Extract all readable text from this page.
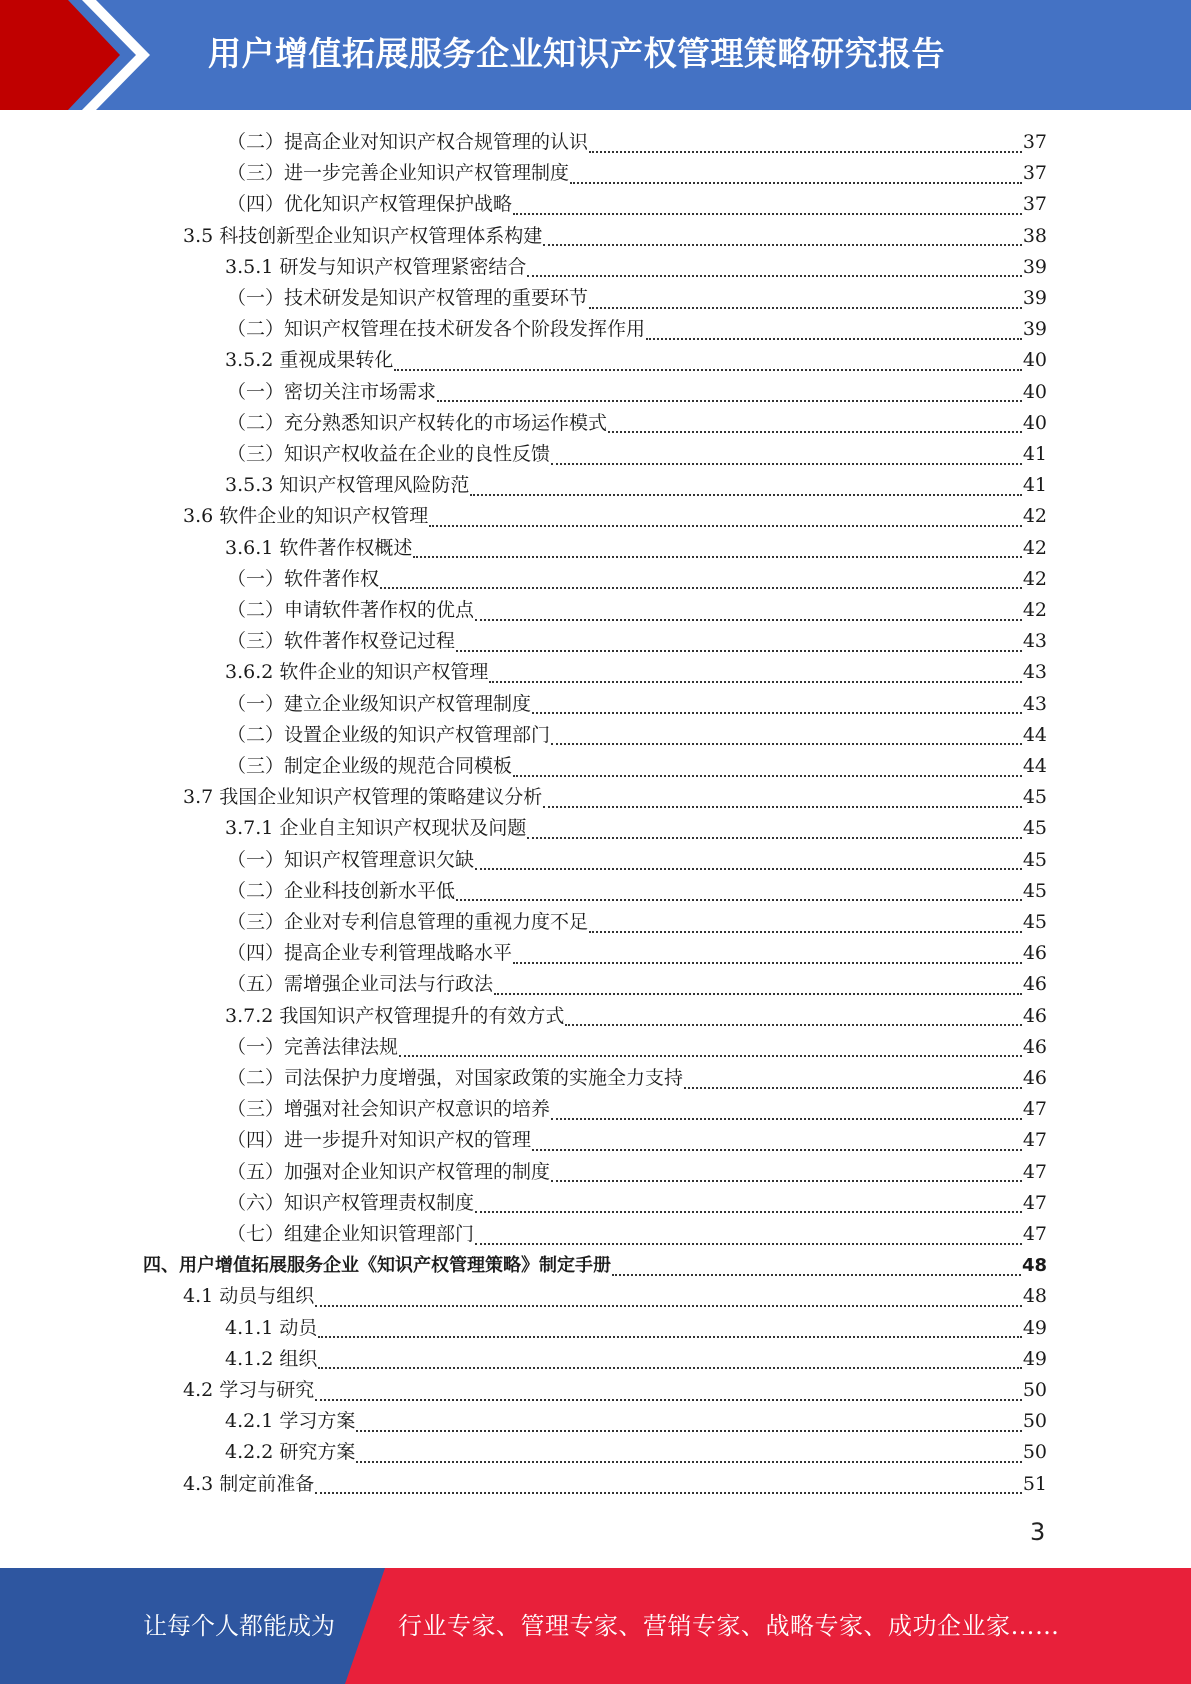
用户增值拓展服务企业知识产权管理策略研究报告
（二）提高企业对知识产权合规管理的认识	37
（三）进一步完善企业知识产权管理制度	37
（四）优化知识产权管理保护战略	37
3.5 科技创新型企业知识产权管理体系构建	38
3.5.1 研发与知识产权管理紧密结合	39
（一）技术研发是知识产权管理的重要环节	39
（二）知识产权管理在技术研发各个阶段发挥作用	39
3.5.2 重视成果转化	40
（一）密切关注市场需求	40
（二）充分熟悉知识产权转化的市场运作模式	40
（三）知识产权收益在企业的良性反馈	41
3.5.3 知识产权管理风险防范	41
3.6 软件企业的知识产权管理	42
3.6.1 软件著作权概述	42
（一）软件著作权	42
（二）申请软件著作权的优点	42
（三）软件著作权登记过程	43
3.6.2 软件企业的知识产权管理	43
（一）建立企业级知识产权管理制度	43
（二）设置企业级的知识产权管理部门	44
（三）制定企业级的规范合同模板	44
3.7 我国企业知识产权管理的策略建议分析	45
3.7.1 企业自主知识产权现状及问题	45
（一）知识产权管理意识欠缺	45
（二）企业科技创新水平低	45
（三）企业对专利信息管理的重视力度不足	45
（四）提高企业专利管理战略水平	46
（五）需增强企业司法与行政法	46
3.7.2 我国知识产权管理提升的有效方式	46
（一）完善法律法规	46
（二）司法保护力度增强，对国家政策的实施全力支持	46
（三）增强对社会知识产权意识的培养	47
（四）进一步提升对知识产权的管理	47
（五）加强对企业知识产权管理的制度	47
（六）知识产权管理责权制度	47
（七）组建企业知识管理部门	47
四、用户增值拓展服务企业《知识产权管理策略》制定手册	48
4.1 动员与组织	48
4.1.1 动员	49
4.1.2 组织	49
4.2 学习与研究	50
4.2.1 学习方案	50
4.2.2 研究方案	50
4.3 制定前准备	51
3
让每个人都能成为	行业专家、管理专家、营销专家、战略专家、成功企业家……
